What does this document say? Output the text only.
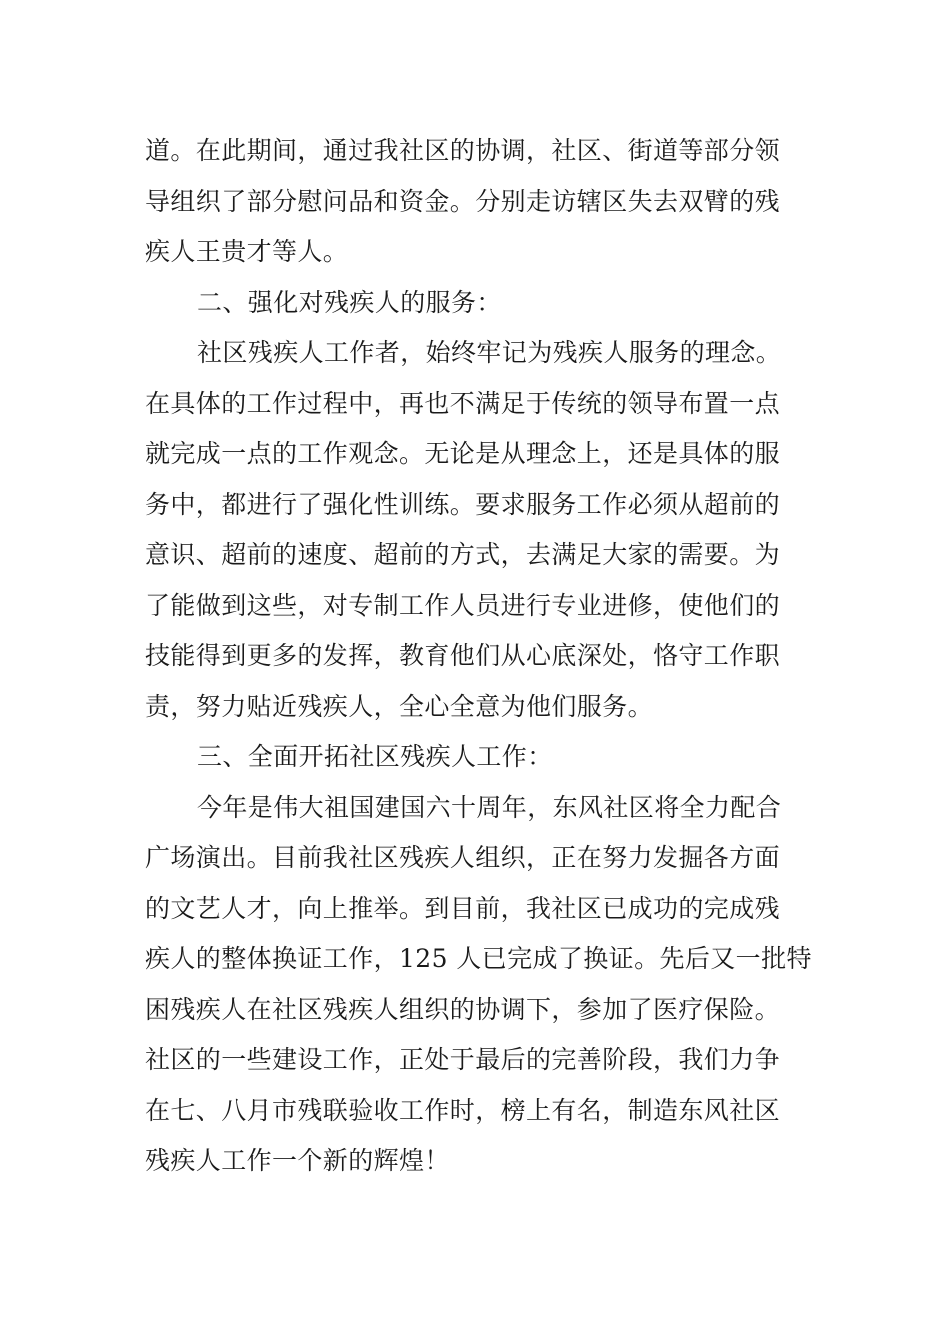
道。在此期间，通过我社区的协调，社区、街道等部分领
导组织了部分慰问品和资金。分别走访辖区失去双臂的残
疾人王贵才等人。
二、强化对残疾人的服务：
社区残疾人工作者，始终牢记为残疾人服务的理念。
在具体的工作过程中，再也不满足于传统的领导布置一点
就完成一点的工作观念。无论是从理念上，还是具体的服
务中，都进行了强化性训练。要求服务工作必须从超前的
意识、超前的速度、超前的方式，去满足大家的需要。为
了能做到这些，对专制工作人员进行专业进修，使他们的
技能得到更多的发挥，教育他们从心底深处，恪守工作职
责，努力贴近残疾人，全心全意为他们服务。
三、全面开拓社区残疾人工作：
今年是伟大祖国建国六十周年，东风社区将全力配合
广场演出。目前我社区残疾人组织，正在努力发掘各方面
的文艺人才，向上推举。到目前，我社区已成功的完成残
疾人的整体换证工作，125 人已完成了换证。先后又一批特
困残疾人在社区残疾人组织的协调下，参加了医疗保险。
社区的一些建设工作，正处于最后的完善阶段，我们力争
在七、八月市残联验收工作时，榜上有名，制造东风社区
残疾人工作一个新的辉煌！
